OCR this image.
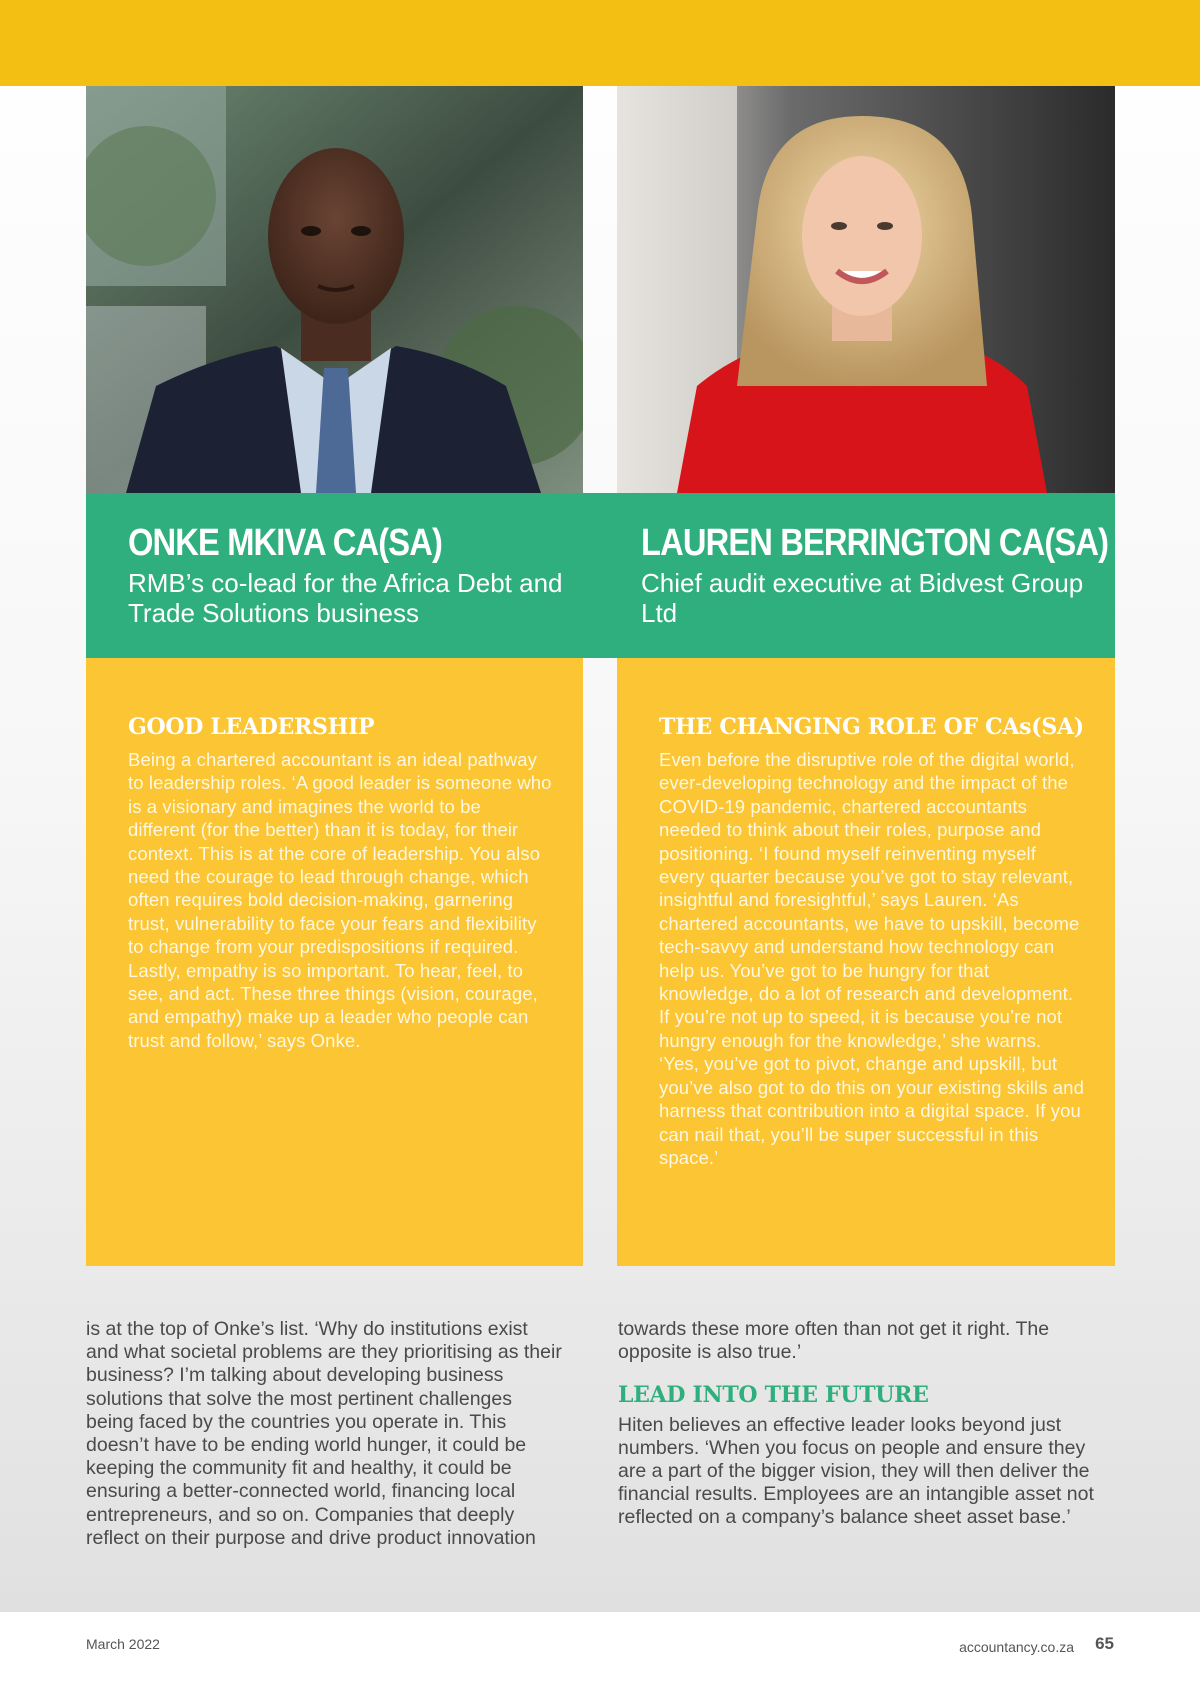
ONKE MKIVA CA(SA)
RMB’s co-lead for the Africa Debt and Trade Solutions business
LAUREN BERRINGTON CA(SA)
Chief audit executive at Bidvest Group Ltd
GOOD LEADERSHIP
Being a chartered accountant is an ideal pathway to leadership roles. ‘A good leader is someone who is a visionary and imagines the world to be different (for the better) than it is today, for their context. This is at the core of leadership. You also need the courage to lead through change, which often requires bold decision-making, garnering trust, vulnerability to face your fears and flexibility to change from your predispositions if required. Lastly, empathy is so important. To hear, feel, to see, and act. These three things (vision, courage, and empathy) make up a leader who people can trust and follow,’ says Onke.
THE CHANGING ROLE OF CAs(SA)
Even before the disruptive role of the digital world, ever-developing technology and the impact of the COVID-19 pandemic, chartered accountants needed to think about their roles, purpose and positioning. ‘I found myself reinventing myself every quarter because you’ve got to stay relevant, insightful and foresightful,’ says Lauren. ‘As chartered accountants, we have to upskill, become tech-savvy and understand how technology can help us. You’ve got to be hungry for that knowledge, do a lot of research and development. If you’re not up to speed, it is because you’re not hungry enough for the knowledge,’ she warns. ‘Yes, you’ve got to pivot, change and upskill, but you’ve also got to do this on your existing skills and harness that contribution into a digital space. If you can nail that, you’ll be super successful in this space.’

is at the top of Onke’s list. ‘Why do institutions exist and what societal problems are they prioritising as their business? I’m talking about developing business solutions that solve the most pertinent challenges being faced by the countries you operate in. This doesn’t have to be ending world hunger, it could be keeping the community fit and healthy, it could be ensuring a better-connected world, financing local entrepreneurs, and so on. Companies that deeply reflect on their purpose and drive product innovation

towards these more often than not get it right. The opposite is also true.’

LEAD INTO THE FUTURE

Hiten believes an effective leader looks beyond just numbers. ‘When you focus on people and ensure they are a part of the bigger vision, they will then deliver the financial results. Employees are an intangible asset not reflected on a company’s balance sheet asset base.’

March 2022	accountancy.co.za 65
